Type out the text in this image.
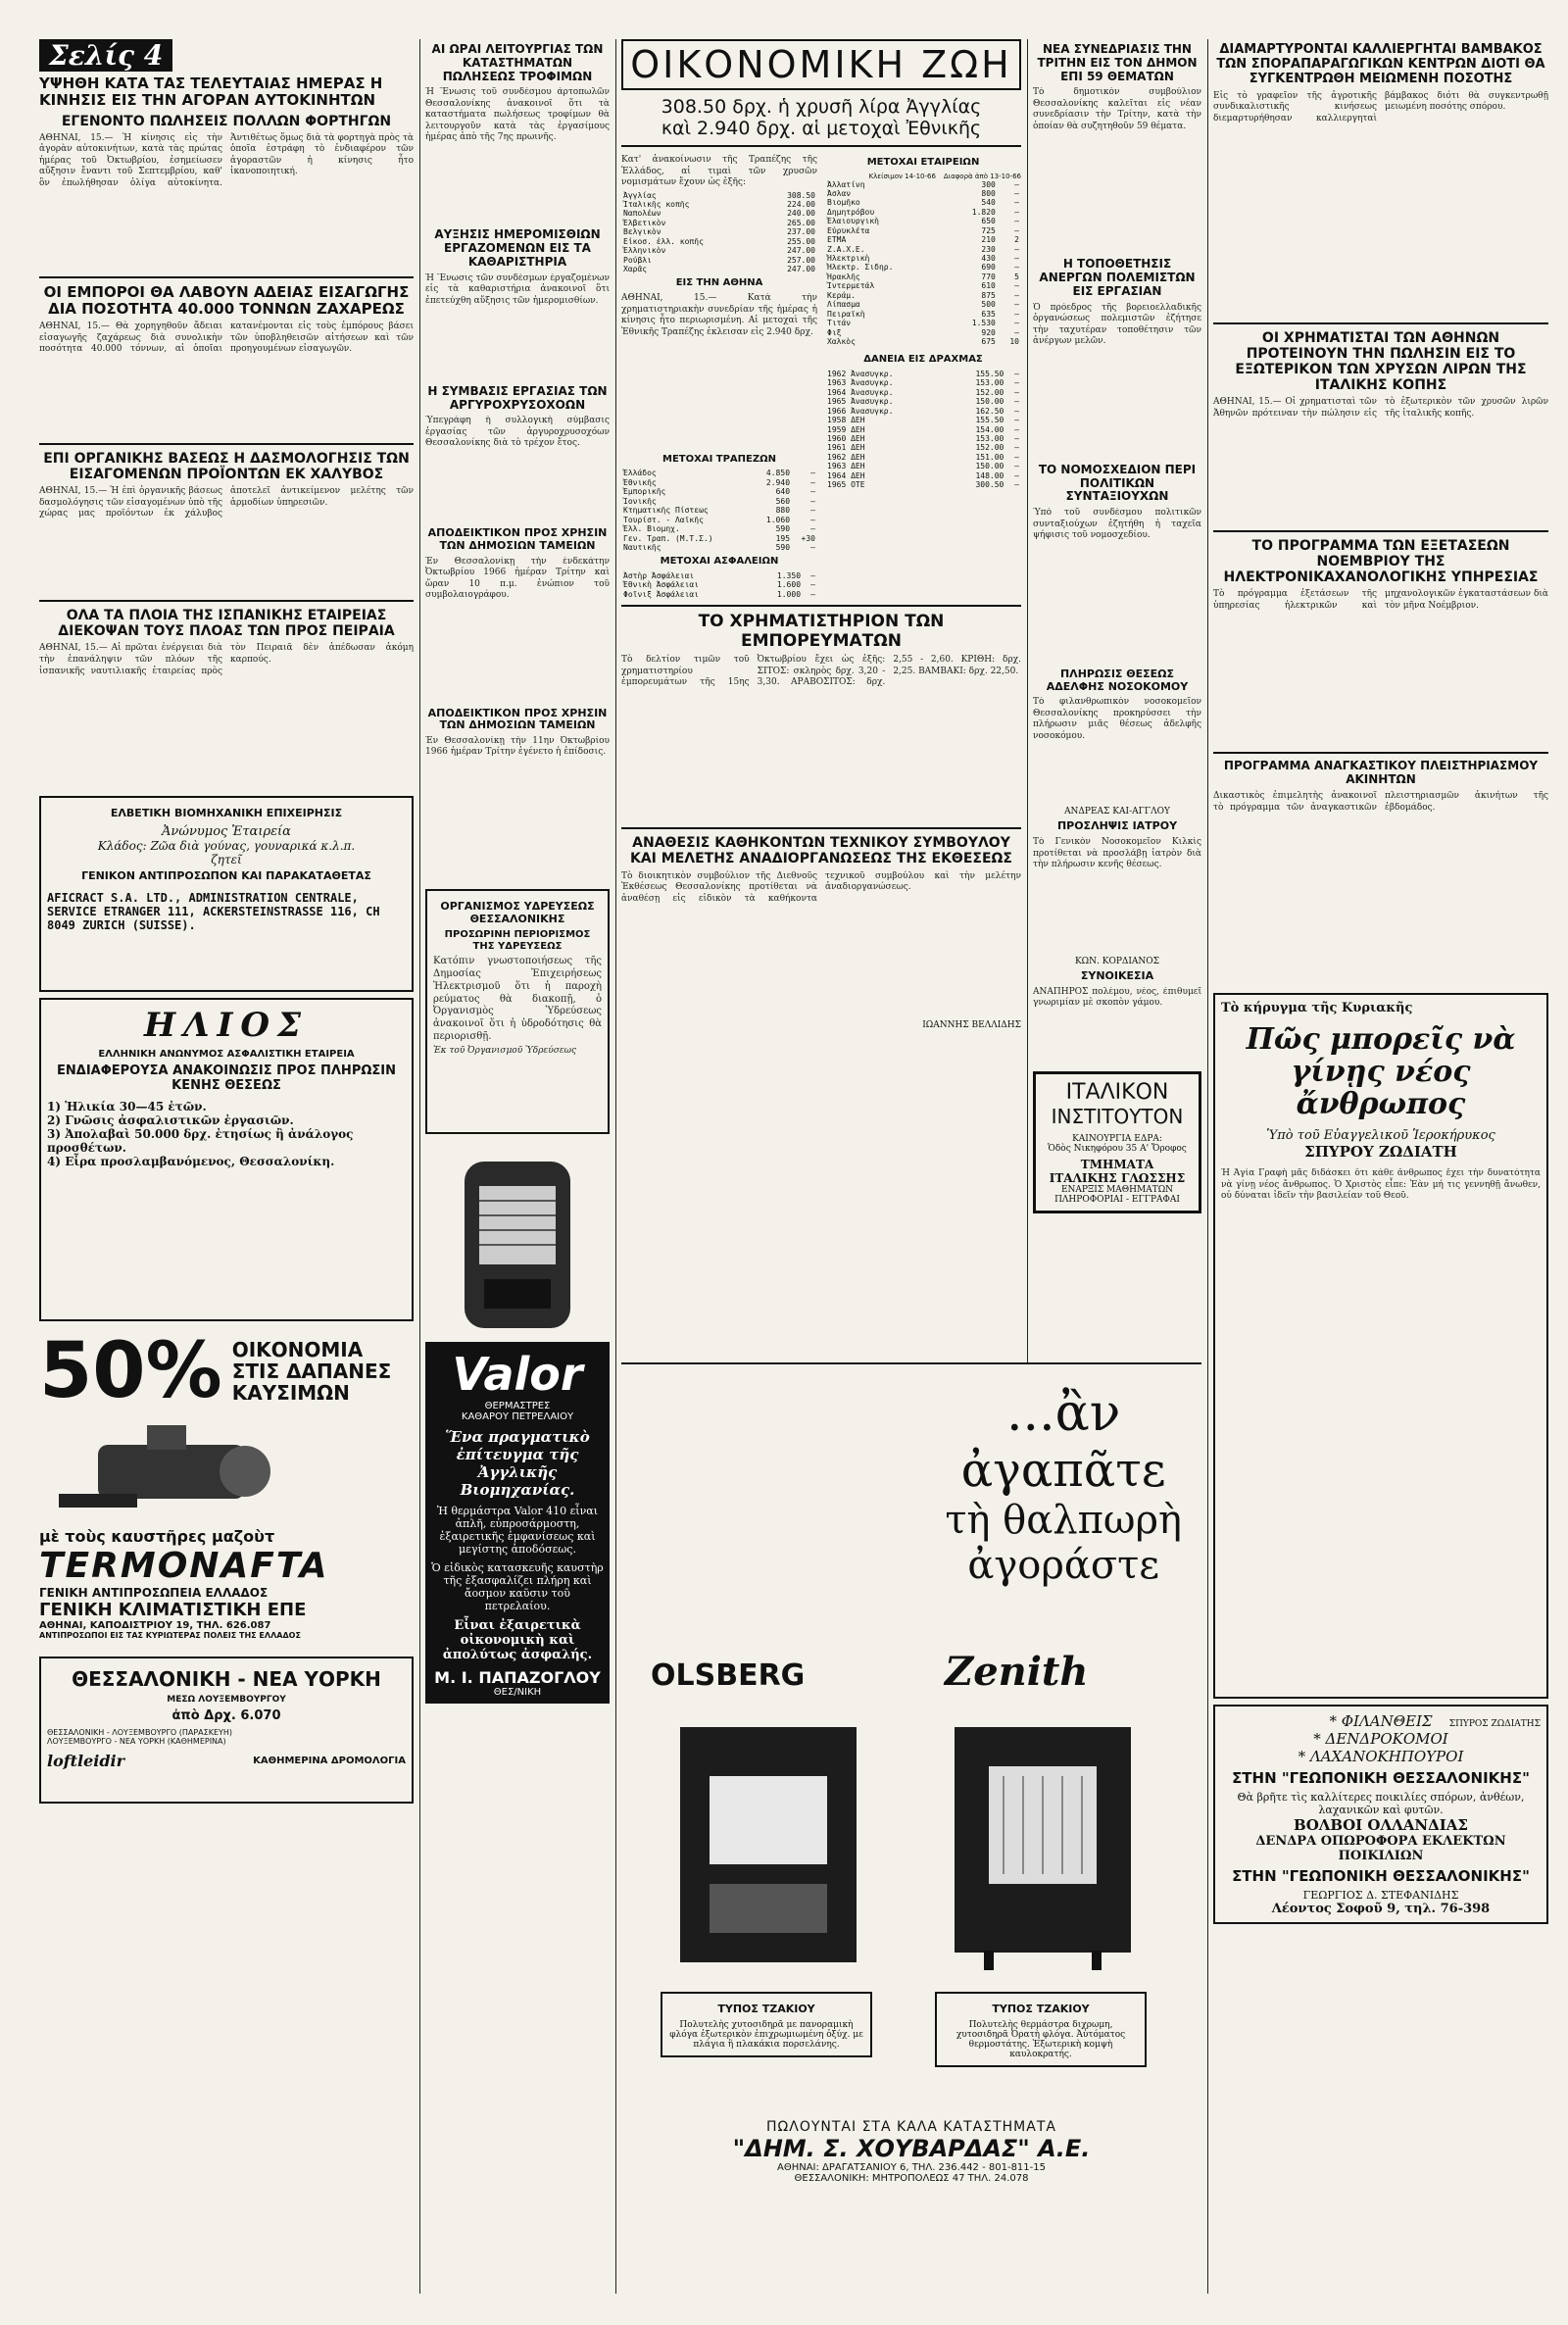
Σελίς 4
ΥΨΗΘΗ ΚΑΤΑ ΤΑΣ ΤΕΛΕΥΤΑΙΑΣ ΗΜΕΡΑΣ Η ΚΙΝΗΣΙΣ ΕΙΣ ΤΗΝ ΑΓΟΡΑΝ ΑΥΤΟΚΙΝΗΤΩΝ
ΕΓΕΝΟΝΤΟ ΠΩΛΗΣΕΙΣ ΠΟΛΛΩΝ ΦΟΡΤΗΓΩΝ
ΑΘΗΝΑΙ, 15.— Ἡ κίνησις εἰς τὴν ἀγορὰν αὐτοκινήτων, κατὰ τὰς πρώτας ἡμέρας τοῦ Ὀκτωβρίου, ἐσημείωσεν αὔξησιν ἔναντι τοῦ Σεπτεμβρίου, καθ' ὃν ἐπωλήθησαν ὀλίγα αὐτοκίνητα. Ἀντιθέτως ὅμως διὰ τὰ φορτηγὰ πρὸς τὰ ὁποῖα ἐστράφη τὸ ἐνδιαφέρον τῶν ἀγοραστῶν ἡ κίνησις ἦτο ἱκανοποιητική.
ΟΙ ΕΜΠΟΡΟΙ ΘΑ ΛΑΒΟΥΝ ΑΔΕΙΑΣ ΕΙΣΑΓΩΓΗΣ ΔΙΑ ΠΟΣΟΤΗΤΑ 40.000 ΤΟΝΝΩΝ ΖΑΧΑΡΕΩΣ
ΑΘΗΝΑΙ, 15.— Θὰ χορηγηθοῦν ἄδειαι εἰσαγωγῆς ζαχάρεως διὰ συνολικὴν ποσότητα 40.000 τόννων, αἱ ὁποῖαι κατανέμονται εἰς τοὺς ἐμπόρους βάσει τῶν ὑποβληθεισῶν αἰτήσεων καὶ τῶν προηγουμένων εἰσαγωγῶν.
ΕΠΙ ΟΡΓΑΝΙΚΗΣ ΒΑΣΕΩΣ Η ΔΑΣΜΟΛΟΓΗΣΙΣ ΤΩΝ ΕΙΣΑΓΟΜΕΝΩΝ ΠΡΟΪΟΝΤΩΝ ΕΚ ΧΑΛΥΒΟΣ
ΑΘΗΝΑΙ, 15.— Ἡ ἐπὶ ὀργανικῆς βάσεως δασμολόγησις τῶν εἰσαγομένων ὑπὸ τῆς χώρας μας προϊόντων ἐκ χάλυβος ἀποτελεῖ ἀντικείμενον μελέτης τῶν ἁρμοδίων ὑπηρεσιῶν.
ΟΛΑ ΤΑ ΠΛΟΙΑ ΤΗΣ ΙΣΠΑΝΙΚΗΣ ΕΤΑΙΡΕΙΑΣ ΔΙΕΚΟΨΑΝ ΤΟΥΣ ΠΛΟΑΣ ΤΩΝ ΠΡΟΣ ΠΕΙΡΑΙΑ
ΑΘΗΝΑΙ, 15.— Αἱ πρῶται ἐνέργειαι διὰ τὴν ἐπανάληψιν τῶν πλόων τῆς ἰσπανικῆς ναυτιλιακῆς ἑταιρείας πρὸς τὸν Πειραιᾶ δὲν ἀπέδωσαν ἀκόμη καρπούς.
ΕΛΒΕΤΙΚΗ ΒΙΟΜΗΧΑΝΙΚΗ ΕΠΙΧΕΙΡΗΣΙΣ
Ἀνώνυμος Ἑταιρεία
Κλάδος: Ζῶα διὰ γούνας, γουναρικά κ.λ.π.
ζητεῖ
ΓΕΝΙΚΟΝ ΑΝΤΙΠΡΟΣΩΠΟΝ ΚΑΙ ΠΑΡΑΚΑΤΑΘΕΤΑΣ
AFICRACT S.A. LTD., ADMINISTRATION CENTRALE, SERVICE ETRANGER 111, ACKERSTEINSTRASSE 116, CH 8049 ZURICH (SUISSE).
ΗΛΙΟΣ
ΕΛΛΗΝΙΚΗ ΑΝΩΝΥΜΟΣ ΑΣΦΑΛΙΣΤΙΚΗ ΕΤΑΙΡΕΙΑ
ΕΝΔΙΑΦΕΡΟΥΣΑ ΑΝΑΚΟΙΝΩΣΙΣ ΠΡΟΣ ΠΛΗΡΩΣΙΝ ΚΕΝΗΣ ΘΕΣΕΩΣ
1) Ἡλικία 30—45 ἐτῶν.
2) Γνῶσις ἀσφαλιστικῶν ἐργασιῶν.
3) Ἀπολαβαὶ 50.000 δρχ. ἐτησίως ἢ ἀνάλογος προσθέτων.
4) Εἶρα προσλαμβανόμενος, Θεσσαλονίκη.
50% ΟΙΚΟΝΟΜΙΑ
ΣΤΙΣ ΔΑΠΑΝΕΣ
ΚΑΥΣΙΜΩΝ
μὲ τοὺς καυστῆρες μαζοὺτ
TERMONAFTA
ΓΕΝΙΚΗ ΑΝΤΙΠΡΟΣΩΠΕΙΑ ΕΛΛΑΔΟΣ
ΓΕΝΙΚΗ ΚΛΙΜΑΤΙΣΤΙΚΗ ΕΠΕ
ΑΘΗΝΑΙ, ΚΑΠΟΔΙΣΤΡΙΟΥ 19, ΤΗΛ. 626.087
ΑΝΤΙΠΡΟΣΩΠΟΙ ΕΙΣ ΤΑΣ ΚΥΡΙΩΤΕΡΑΣ ΠΟΛΕΙΣ ΤΗΣ ΕΛΛΑΔΟΣ
ΘΕΣΣΑΛΟΝΙΚΗ - ΝΕΑ ΥΟΡΚΗ
ΜΕΣΩ ΛΟΥΞΕΜΒΟΥΡΓΟΥ
ἀπὸ Δρχ. 6.070
ΘΕΣΣΑΛΟΝΙΚΗ - ΛΟΥΞΕΜΒΟΥΡΓΟ (ΠΑΡΑΣΚΕΥΗ)
ΛΟΥΞΕΜΒΟΥΡΓΟ - ΝΕΑ ΥΟΡΚΗ (ΚΑΘΗΜΕΡΙΝΑ)
loftleidir	ΚΑΘΗΜΕΡΙΝΑ ΔΡΟΜΟΛΟΓΙΑ
ΑΙ ΩΡΑΙ ΛΕΙΤΟΥΡΓΙΑΣ ΤΩΝ ΚΑΤΑΣΤΗΜΑΤΩΝ ΠΩΛΗΣΕΩΣ ΤΡΟΦΙΜΩΝ
Ἡ Ἕνωσις τοῦ συνδέσμου ἀρτοπωλῶν Θεσσαλονίκης ἀνακοινοῖ ὅτι τὰ καταστήματα πωλήσεως τροφίμων θὰ λειτουργοῦν κατὰ τὰς ἐργασίμους ἡμέρας ἀπὸ τῆς 7ης πρωινῆς.
ΑΥΞΗΣΙΣ ΗΜΕΡΟΜΙΣΘΙΩΝ ΕΡΓΑΖΟΜΕΝΩΝ ΕΙΣ ΤΑ ΚΑΘΑΡΙΣΤΗΡΙΑ
Ἡ Ἕνωσις τῶν συνδέσμων ἐργαζομένων εἰς τὰ καθαριστήρια ἀνακοινοῖ ὅτι ἐπετεύχθη αὔξησις τῶν ἡμερομισθίων.
Η ΣΥΜΒΑΣΙΣ ΕΡΓΑΣΙΑΣ ΤΩΝ ΑΡΓΥΡΟΧΡΥΣΟΧΟΩΝ
Ὑπεγράφη ἡ συλλογικὴ σύμβασις ἐργασίας τῶν ἀργυροχρυσοχόων Θεσσαλονίκης διὰ τὸ τρέχον ἔτος.
ΑΠΟΔΕΙΚΤΙΚΟΝ ΠΡΟΣ ΧΡΗΣΙΝ ΤΩΝ ΔΗΜΟΣΙΩΝ ΤΑΜΕΙΩΝ
Ἐν Θεσσαλονίκῃ τὴν ἐνδεκάτην Ὀκτωβρίου 1966 ἡμέραν Τρίτην καὶ ὥραν 10 π.μ. ἐνώπιον τοῦ συμβολαιογράφου.
ΑΠΟΔΕΙΚΤΙΚΟΝ ΠΡΟΣ ΧΡΗΣΙΝ ΤΩΝ ΔΗΜΟΣΙΩΝ ΤΑΜΕΙΩΝ
Ἐν Θεσσαλονίκῃ τὴν 11ην Ὀκτωβρίου 1966 ἡμέραν Τρίτην ἐγένετο ἡ ἐπίδοσις.
ΟΡΓΑΝΙΣΜΟΣ ΥΔΡΕΥΣΕΩΣ ΘΕΣΣΑΛΟΝΙΚΗΣ
ΠΡΟΣΩΡΙΝΗ ΠΕΡΙΟΡΙΣΜΟΣ ΤΗΣ ΥΔΡΕΥΣΕΩΣ
Κατόπιν γνωστοποιήσεως τῆς Δημοσίας Ἐπιχειρήσεως Ἠλεκτρισμοῦ ὅτι ἡ παροχὴ ρεύματος θὰ διακοπῇ, ὁ Ὀργανισμὸς Ὑδρεύσεως ἀνακοινοῖ ὅτι ἡ ὑδροδότησις θὰ περιορισθῇ.
Ἐκ τοῦ Ὀργανισμοῦ Ὑδρεύσεως
Valor
ΘΕΡΜΑΣΤΡΕΣ
ΚΑΘΑΡΟΥ ΠΕΤΡΕΛΑΙΟΥ
Ἕνα πραγματικὸ ἐπίτευγμα τῆς Ἀγγλικῆς Βιομηχανίας.
Ἡ θερμάστρα Valor 410 εἶναι ἀπλῆ, εὐπροσάρμοστη, ἐξαιρετικῆς ἐμφανίσεως καὶ μεγίστης ἀποδόσεως.
Ὁ εἰδικὸς κατασκευῆς καυστὴρ τῆς ἐξασφαλίζει πλήρη καὶ ἄοσμον καῦσιν τοῦ πετρελαίου.
Εἶναι ἐξαιρετικὰ οἰκονομικὴ καὶ ἀπολύτως ἀσφαλής.
Μ. Ι. ΠΑΠΑΖΟΓΛΟΥ
ΘΕΣ/ΝΙΚΗ
ΟΙΚΟΝΟΜΙΚΗ ΖΩΗ
308.50 δρχ. ἡ χρυσῆ λίρα Ἀγγλίας
καὶ 2.940 δρχ. αἱ μετοχαὶ Ἐθνικῆς
Κατ' ἀνακοίνωσιν τῆς Τραπέζης τῆς Ἑλλάδος, αἱ τιμαὶ τῶν χρυσῶν νομισμάτων ἔχουν ὡς ἑξῆς:
Ἀγγλίας	308.50
Ἰταλικῆς κοπῆς	224.00
Ναπολέων	240.00
Ἑλβετικὸν	265.00
Βελγικὸν	237.00
Εἰκοσ. ἐλλ. κοπῆς	255.00
Ἑλληνικὸν	247.00
Ρούβλι	257.00
Χαρᾶς	247.00
ΕΙΣ ΤΗΝ ΑΘΗΝΑ
ΑΘΗΝΑΙ, 15.— Κατὰ τὴν χρηματιστηριακὴν συνεδρίαν τῆς ἡμέρας ἡ κίνησις ἦτο περιωρισμένη. Αἱ μετοχαὶ τῆς Ἐθνικῆς Τραπέζης ἐκλεισαν εἰς 2.940 δρχ.
ΜΕΤΟΧΑΙ ΤΡΑΠΕΖΩΝ
Ἐλλάδος	4.850	—
Ἐθνικῆς	2.940	—
Ἐμπορικῆς	640	—
Ἰονικῆς	560	—
Κτηματικῆς Πίστεως	880	—
Τουρίστ. - Λαϊκῆς	1.060	—
Ἐλλ. Βιομηχ.	590	—
Γεν. Τραπ. (Μ.Τ.Σ.)	195	+30
Ναυτικῆς	590	—
ΜΕΤΟΧΑΙ ΑΣΦΑΛΕΙΩΝ
Ἀστὴρ Ἀσφάλειαι	1.350	—
Ἐθνικὴ Ἀσφάλειαι	1.600	—
Φοῖνιξ Ἀσφάλειαι	1.000	—
ΜΕΤΟΧΑΙ ΕΤΑΙΡΕΙΩΝ
Κλείσιμον 14-10-66 Διαφορὰ ἀπὸ 13-10-66
Ἀλλατίνη	300	—
Ἀσλαν	800	—
Βιομῆκο	540	—
Δημητρόβου	1.820	—
Ἐλαιουργικὴ	650	—
Εὐρυκλέτα	725	—
ΕΤΜΑ	210	2
Ζ.Α.Χ.Ε.	230	—
Ἠλεκτρικὴ	430	—
Ἠλεκτρ. Σιδηρ.	690	—
Ἡρακλῆς	770	5
Ἰντερμετάλ	610	—
Κεράμ.	875	—
Λίπασμα	500	—
Πειραϊκὴ	635	—
Τιτάν	1.530	—
Φιξ	920	—
Χαλκὸς	675	10
ΔΑΝΕΙΑ ΕΙΣ ΔΡΑΧΜΑΣ
1962 Ἀνασυγκρ.	155.50	—
1963 Ἀνασυγκρ.	153.00	—
1964 Ἀνασυγκρ.	152.00	—
1965 Ἀνασυγκρ.	150.00	—
1966 Ἀνασυγκρ.	162.50	—
1958 ΔΕΗ	155.50	—
1959 ΔΕΗ	154.00	—
1960 ΔΕΗ	153.00	—
1961 ΔΕΗ	152.00	—
1962 ΔΕΗ	151.00	—
1963 ΔΕΗ	150.00	—
1964 ΔΕΗ	148.00	—
1965 ΟΤΕ	300.50	—
ΤΟ ΧΡΗΜΑΤΙΣΤΗΡΙΟΝ ΤΩΝ ΕΜΠΟΡΕΥΜΑΤΩΝ
Τὸ δελτίον τιμῶν τοῦ χρηματιστηρίου ἐμπορευμάτων τῆς 15ης Ὀκτωβρίου ἔχει ὡς ἑξῆς: ΣΙΤΟΣ: σκληρὸς δρχ. 3,20 - 3,30. ΑΡΑΒΟΣΙΤΟΣ: δρχ. 2,55 - 2,60. ΚΡΙΘΗ: δρχ. 2,25. ΒΑΜΒΑΚΙ: δρχ. 22,50.
ΑΝΑΘΕΣΙΣ ΚΑΘΗΚΟΝΤΩΝ ΤΕΧΝΙΚΟΥ ΣΥΜΒΟΥΛΟΥ ΚΑΙ ΜΕΛΕΤΗΣ ΑΝΑΔΙΟΡΓΑΝΩΣΕΩΣ ΤΗΣ ΕΚΘΕΣΕΩΣ
Τὸ διοικητικὸν συμβούλιον τῆς Διεθνοῦς Ἐκθέσεως Θεσσαλονίκης προτίθεται νὰ ἀναθέσῃ εἰς εἰδικὸν τὰ καθήκοντα τεχνικοῦ συμβούλου καὶ τὴν μελέτην ἀναδιοργανώσεως.
ΙΩΑΝΝΗΣ ΒΕΛΛΙΔΗΣ
ΝΕΑ ΣΥΝΕΔΡΙΑΣΙΣ ΤΗΝ ΤΡΙΤΗΝ ΕΙΣ ΤΟΝ ΔΗΜΟΝ ΕΠΙ 59 ΘΕΜΑΤΩΝ
Τὸ δημοτικὸν συμβούλιον Θεσσαλονίκης καλεῖται εἰς νέαν συνεδρίασιν τὴν Τρίτην, κατὰ τὴν ὁποίαν θὰ συζητηθοῦν 59 θέματα.
Η ΤΟΠΟΘΕΤΗΣΙΣ ΑΝΕΡΓΩΝ ΠΟΛΕΜΙΣΤΩΝ ΕΙΣ ΕΡΓΑΣΙΑΝ
Ὁ πρόεδρος τῆς βορειοελλαδικῆς ὀργανώσεως πολεμιστῶν ἐζήτησε τὴν ταχυτέραν τοποθέτησιν τῶν ἀνέργων μελῶν.
ΤΟ ΝΟΜΟΣΧΕΔΙΟΝ ΠΕΡΙ ΠΟΛΙΤΙΚΩΝ ΣΥΝΤΑΞΙΟΥΧΩΝ
Ὑπὸ τοῦ συνδέσμου πολιτικῶν συνταξιούχων ἐζητήθη ἡ ταχεῖα ψήφισις τοῦ νομοσχεδίου.
ΠΛΗΡΩΣΙΣ ΘΕΣΕΩΣ ΑΔΕΛΦΗΣ ΝΟΣΟΚΟΜΟΥ
Τὸ φιλανθρωπικὸν νοσοκομεῖον Θεσσαλονίκης προκηρύσσει τὴν πλήρωσιν μιᾶς θέσεως ἀδελφῆς νοσοκόμου.
ΑΝΔΡΕΑΣ ΚΑΙ-ΑΓΓΛΟΥ
ΠΡΟΣΛΗΨΙΣ ΙΑΤΡΟΥ
Τὸ Γενικὸν Νοσοκομεῖον Κιλκὶς προτίθεται νὰ προσλάβῃ ἰατρὸν διὰ τὴν πλήρωσιν κενῆς θέσεως.
ΚΩΝ. ΚΟΡΔΙΑΝΟΣ
ΣΥΝΟΙΚΕΣΙΑ
ΑΝΑΠΗΡΟΣ πολέμου, νέος, ἐπιθυμεῖ γνωριμίαν μὲ σκοπὸν γάμου.
ΙΤΑΛΙΚΟΝ
ΙΝΣΤΙΤΟΥΤΟΝ
ΚΑΙΝΟΥΡΓΙΑ ΕΔΡΑ:
Ὁδὸς Νικηφόρου 35 Α' Ὄροφος
ΤΜΗΜΑΤΑ
ΙΤΑΛΙΚΗΣ ΓΛΩΣΣΗΣ
ΕΝΑΡΞΙΣ ΜΑΘΗΜΑΤΩΝ
ΠΛΗΡΟΦΟΡΙΑΙ - ΕΓΓΡΑΦΑΙ
ΔΙΑΜΑΡΤΥΡΟΝΤΑΙ ΚΑΛΛΙΕΡΓΗΤΑΙ ΒΑΜΒΑΚΟΣ ΤΩΝ ΣΠΟΡΑΠΑΡΑΓΩΓΙΚΩΝ ΚΕΝΤΡΩΝ ΔΙΟΤΙ ΘΑ ΣΥΓΚΕΝΤΡΩΘΗ ΜΕΙΩΜΕΝΗ ΠΟΣΟΤΗΣ
Εἰς τὸ γραφεῖον τῆς ἀγροτικῆς συνδικαλιστικῆς κινήσεως διεμαρτυρήθησαν καλλιεργηταὶ βάμβακος διότι θὰ συγκεντρωθῇ μειωμένη ποσότης σπόρου.
ΟΙ ΧΡΗΜΑΤΙΣΤΑΙ ΤΩΝ ΑΘΗΝΩΝ ΠΡΟΤΕΙΝΟΥΝ ΤΗΝ ΠΩΛΗΣΙΝ ΕΙΣ ΤΟ ΕΞΩΤΕΡΙΚΟΝ ΤΩΝ ΧΡΥΣΩΝ ΛΙΡΩΝ ΤΗΣ ΙΤΑΛΙΚΗΣ ΚΟΠΗΣ
ΑΘΗΝΑΙ, 15.— Οἱ χρηματισταὶ τῶν Ἀθηνῶν πρότειναν τὴν πώλησιν εἰς τὸ ἐξωτερικὸν τῶν χρυσῶν λιρῶν τῆς ἰταλικῆς κοπῆς.
ΤΟ ΠΡΟΓΡΑΜΜΑ ΤΩΝ ΕΞΕΤΑΣΕΩΝ ΝΟΕΜΒΡΙΟΥ ΤΗΣ ΗΛΕΚΤΡΟΝΙΚΑΧΑΝΟΛΟΓΙΚΗΣ ΥΠΗΡΕΣΙΑΣ
Τὸ πρόγραμμα ἐξετάσεων τῆς ὑπηρεσίας ἠλεκτρικῶν καὶ μηχανολογικῶν ἐγκαταστάσεων διὰ τὸν μῆνα Νοέμβριον.
ΠΡΟΓΡΑΜΜΑ ΑΝΑΓΚΑΣΤΙΚΟΥ ΠΛΕΙΣΤΗΡΙΑΣΜΟΥ ΑΚΙΝΗΤΩΝ
Δικαστικὸς ἐπιμελητὴς ἀνακοινοῖ τὸ πρόγραμμα τῶν ἀναγκαστικῶν πλειστηριασμῶν ἀκινήτων τῆς ἑβδομάδος.
Τὸ κήρυγμα τῆς Κυριακῆς
Πῶς μπορεῖς νὰ γίνῃς νέος ἄνθρωπος
Ὑπὸ τοῦ Εὐαγγελικοῦ Ἱεροκήρυκος
ΣΠΥΡΟΥ ΖΩΔΙΑΤΗ
Ἡ Ἁγία Γραφὴ μᾶς διδάσκει ὅτι κάθε ἄνθρωπος ἔχει τὴν δυνατότητα νὰ γίνῃ νέος ἄνθρωπος. Ὁ Χριστὸς εἶπε: Ἐὰν μή τις γεννηθῇ ἄνωθεν, οὐ δύναται ἰδεῖν τὴν βασιλείαν τοῦ Θεοῦ.
ΣΠΥΡΟΣ ΖΩΔΙΑΤΗΣ
* ΦΙΛΑΝΘΕΙΣ
* ΔΕΝΔΡΟΚΟΜΟΙ
* ΛΑΧΑΝΟΚΗΠΟΥΡΟΙ
ΣΤΗΝ "ΓΕΩΠΟΝΙΚΗ ΘΕΣΣΑΛΟΝΙΚΗΣ"
Θὰ βρῆτε τὶς καλλίτερες ποικιλίες σπόρων, ἀνθέων, λαχανικῶν καὶ φυτῶν.
ΒΟΛΒΟΙ ΟΛΛΑΝΔΙΑΣ
ΔΕΝΔΡΑ ΟΠΩΡΟΦΟΡΑ ΕΚΛΕΚΤΩΝ ΠΟΙΚΙΛΙΩΝ
ΣΤΗΝ "ΓΕΩΠΟΝΙΚΗ ΘΕΣΣΑΛΟΝΙΚΗΣ"
ΓΕΩΡΓΙΟΣ Δ. ΣΤΕΦΑΝΙΔΗΣ
Λέοντος Σοφοῦ 9, τηλ. 76-398
...ἂν
ἀγαπᾶτε
τὴ θαλπωρὴ
ἀγοράστε
OLSBERG	Zenith
ΤΥΠΟΣ ΤΖΑΚΙΟΥ
Πολυτελὴς χυτοσιδηρᾶ με πανοραμικὴ φλόγα ἐξωτερικὸν ἐπιχρωμιωμένη ὀξύχ. με πλάγια ἢ πλακάκια πορσελάνης.
ΤΥΠΟΣ ΤΖΑΚΙΟΥ
Πολυτελὴς θερμάστρα διχρωμη, χυτοσιδηρᾶ Ὀρατὴ φλόγα. Ἀὐτόματος θερμοστάτης. Ἐξωτερικὴ κομψὴ καυλοκρατής.
ΠΩΛΟΥΝΤΑΙ ΣΤΑ ΚΑΛΑ ΚΑΤΑΣΤΗΜΑΤΑ
"ΔΗΜ. Σ. ΧΟΥΒΑΡΔΑΣ" Α.Ε.
ΑΘΗΝΑΙ: ΔΡΑΓΑΤΣΑΝΙΟΥ 6, ΤΗΛ. 236.442 - 801-811-15
ΘΕΣΣΑΛΟΝΙΚΗ: ΜΗΤΡΟΠΟΛΕΩΣ 47 ΤΗΛ. 24.078
